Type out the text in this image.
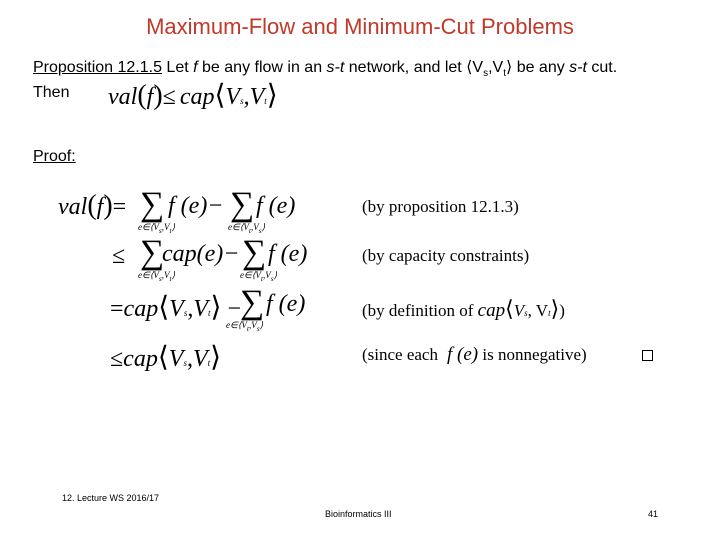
Maximum-Flow and Minimum-Cut Problems
Proposition 12.1.5 Let f be any flow in an s-t network, and let $⟨V_s,V_t⟩$ be any s-t cut.
Then val(f)≤ cap⟨Vs,Vt⟩
Proof:
val(f)= ∑ f (e)−
$e\in⟨V_s,V_t⟩$
∑ f (e)
$e\in⟨V_t,V_s⟩$
(by proposition 12.1.3)
≤ ∑
cap(e)−
$e\in⟨V_s,V_t⟩$
∑ f (e)
$e\in⟨V_t,V_s⟩$
(by capacity constraints)
=cap⟨Vs,Vt⟩ − ∑ f (e)
$e\in⟨V_t,V_s⟩$
(by definition of cap⟨Vs, Vt⟩)
≤cap⟨Vs,Vt⟩	(since each  f (e) is nonnegative)
12. Lecture WS 2016/17
Bioinformatics III	41
